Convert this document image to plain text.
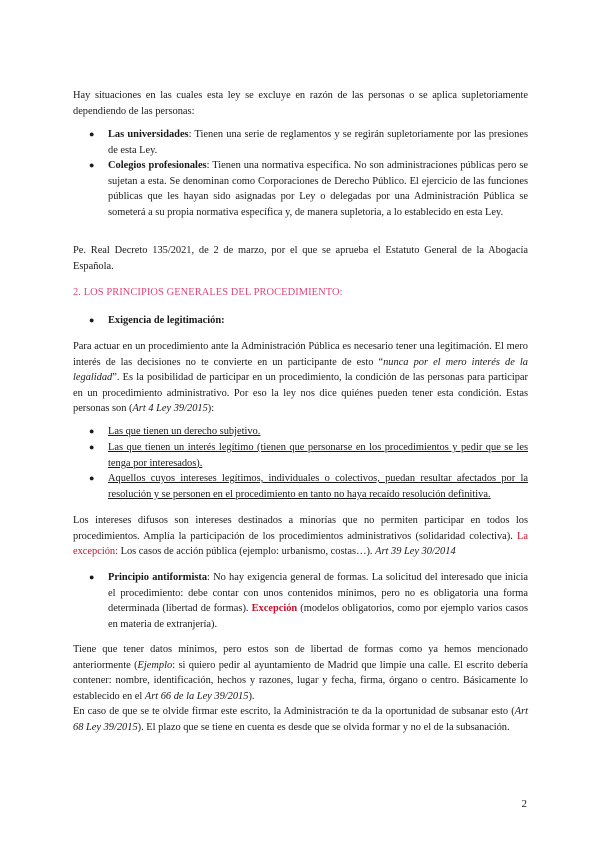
Hay situaciones en las cuales esta ley se excluye en razón de las personas o se aplica supletoriamente dependiendo de las personas:

● Las universidades: Tienen una serie de reglamentos y se regirán supletoriamente por las presiones de esta Ley.

● Colegios profesionales: Tienen una normativa específica. No son administraciones públicas pero se sujetan a esta. Se denominan como Corporaciones de Derecho Público. El ejercicio de las funciones públicas que les hayan sido asignadas por Ley o delegadas por una Administración Pública se someterá a su propia normativa específica y, de manera supletoria, a lo establecido en esta Ley.

Pe. Real Decreto 135/2021, de 2 de marzo, por el que se aprueba el Estatuto General de la Abogacía Española.

2. LOS PRINCIPIOS GENERALES DEL PROCEDIMIENTO:
● Exigencia de legitimación:

Para actuar en un procedimiento ante la Administración Pública es necesario tener una legitimación. El mero interés de las decisiones no te convierte en un participante de esto “nunca por el mero interés de la legalidad”. Es la posibilidad de participar en un procedimiento, la condición de las personas para participar en un procedimiento administrativo. Por eso la ley nos dice quiénes pueden tener esta condición. Estas personas son (Art 4 Ley 39/2015):

● Las que tienen un derecho subjetivo.

● Las que tienen un interés legítimo (tienen que personarse en los procedimientos y pedir que se les tenga por interesados).

● Aquellos cuyos intereses legítimos, individuales o colectivos, puedan resultar afectados por la resolución y se personen en el procedimiento en tanto no haya recaído resolución definitiva.

Los intereses difusos son intereses destinados a minorías que no permiten participar en todos los procedimientos. Amplía la participación de los procedimientos administrativos (solidaridad colectiva). La excepción: Los casos de acción pública (ejemplo: urbanismo, costas…). Art 39 Ley 30/2014

● Principio antiformista: No hay exigencia general de formas. La solicitud del interesado que inicia el procedimiento: debe contar con unos contenidos mínimos, pero no es obligatoria una forma determinada (libertad de formas). Excepción (modelos obligatorios, como por ejemplo varios casos en materia de extranjería).

Tiene que tener datos mínimos, pero estos son de libertad de formas como ya hemos mencionado anteriormente (Ejemplo: si quiero pedir al ayuntamiento de Madrid que limpie una calle. El escrito debería contener: nombre, identificación, hechos y razones, lugar y fecha, firma, órgano o centro. Básicamente lo establecido en el Art 66 de la Ley 39/2015).

En caso de que se te olvide firmar este escrito, la Administración te da la oportunidad de subsanar esto (Art 68 Ley 39/2015). El plazo que se tiene en cuenta es desde que se olvida formar y no el de la subsanación.

2
